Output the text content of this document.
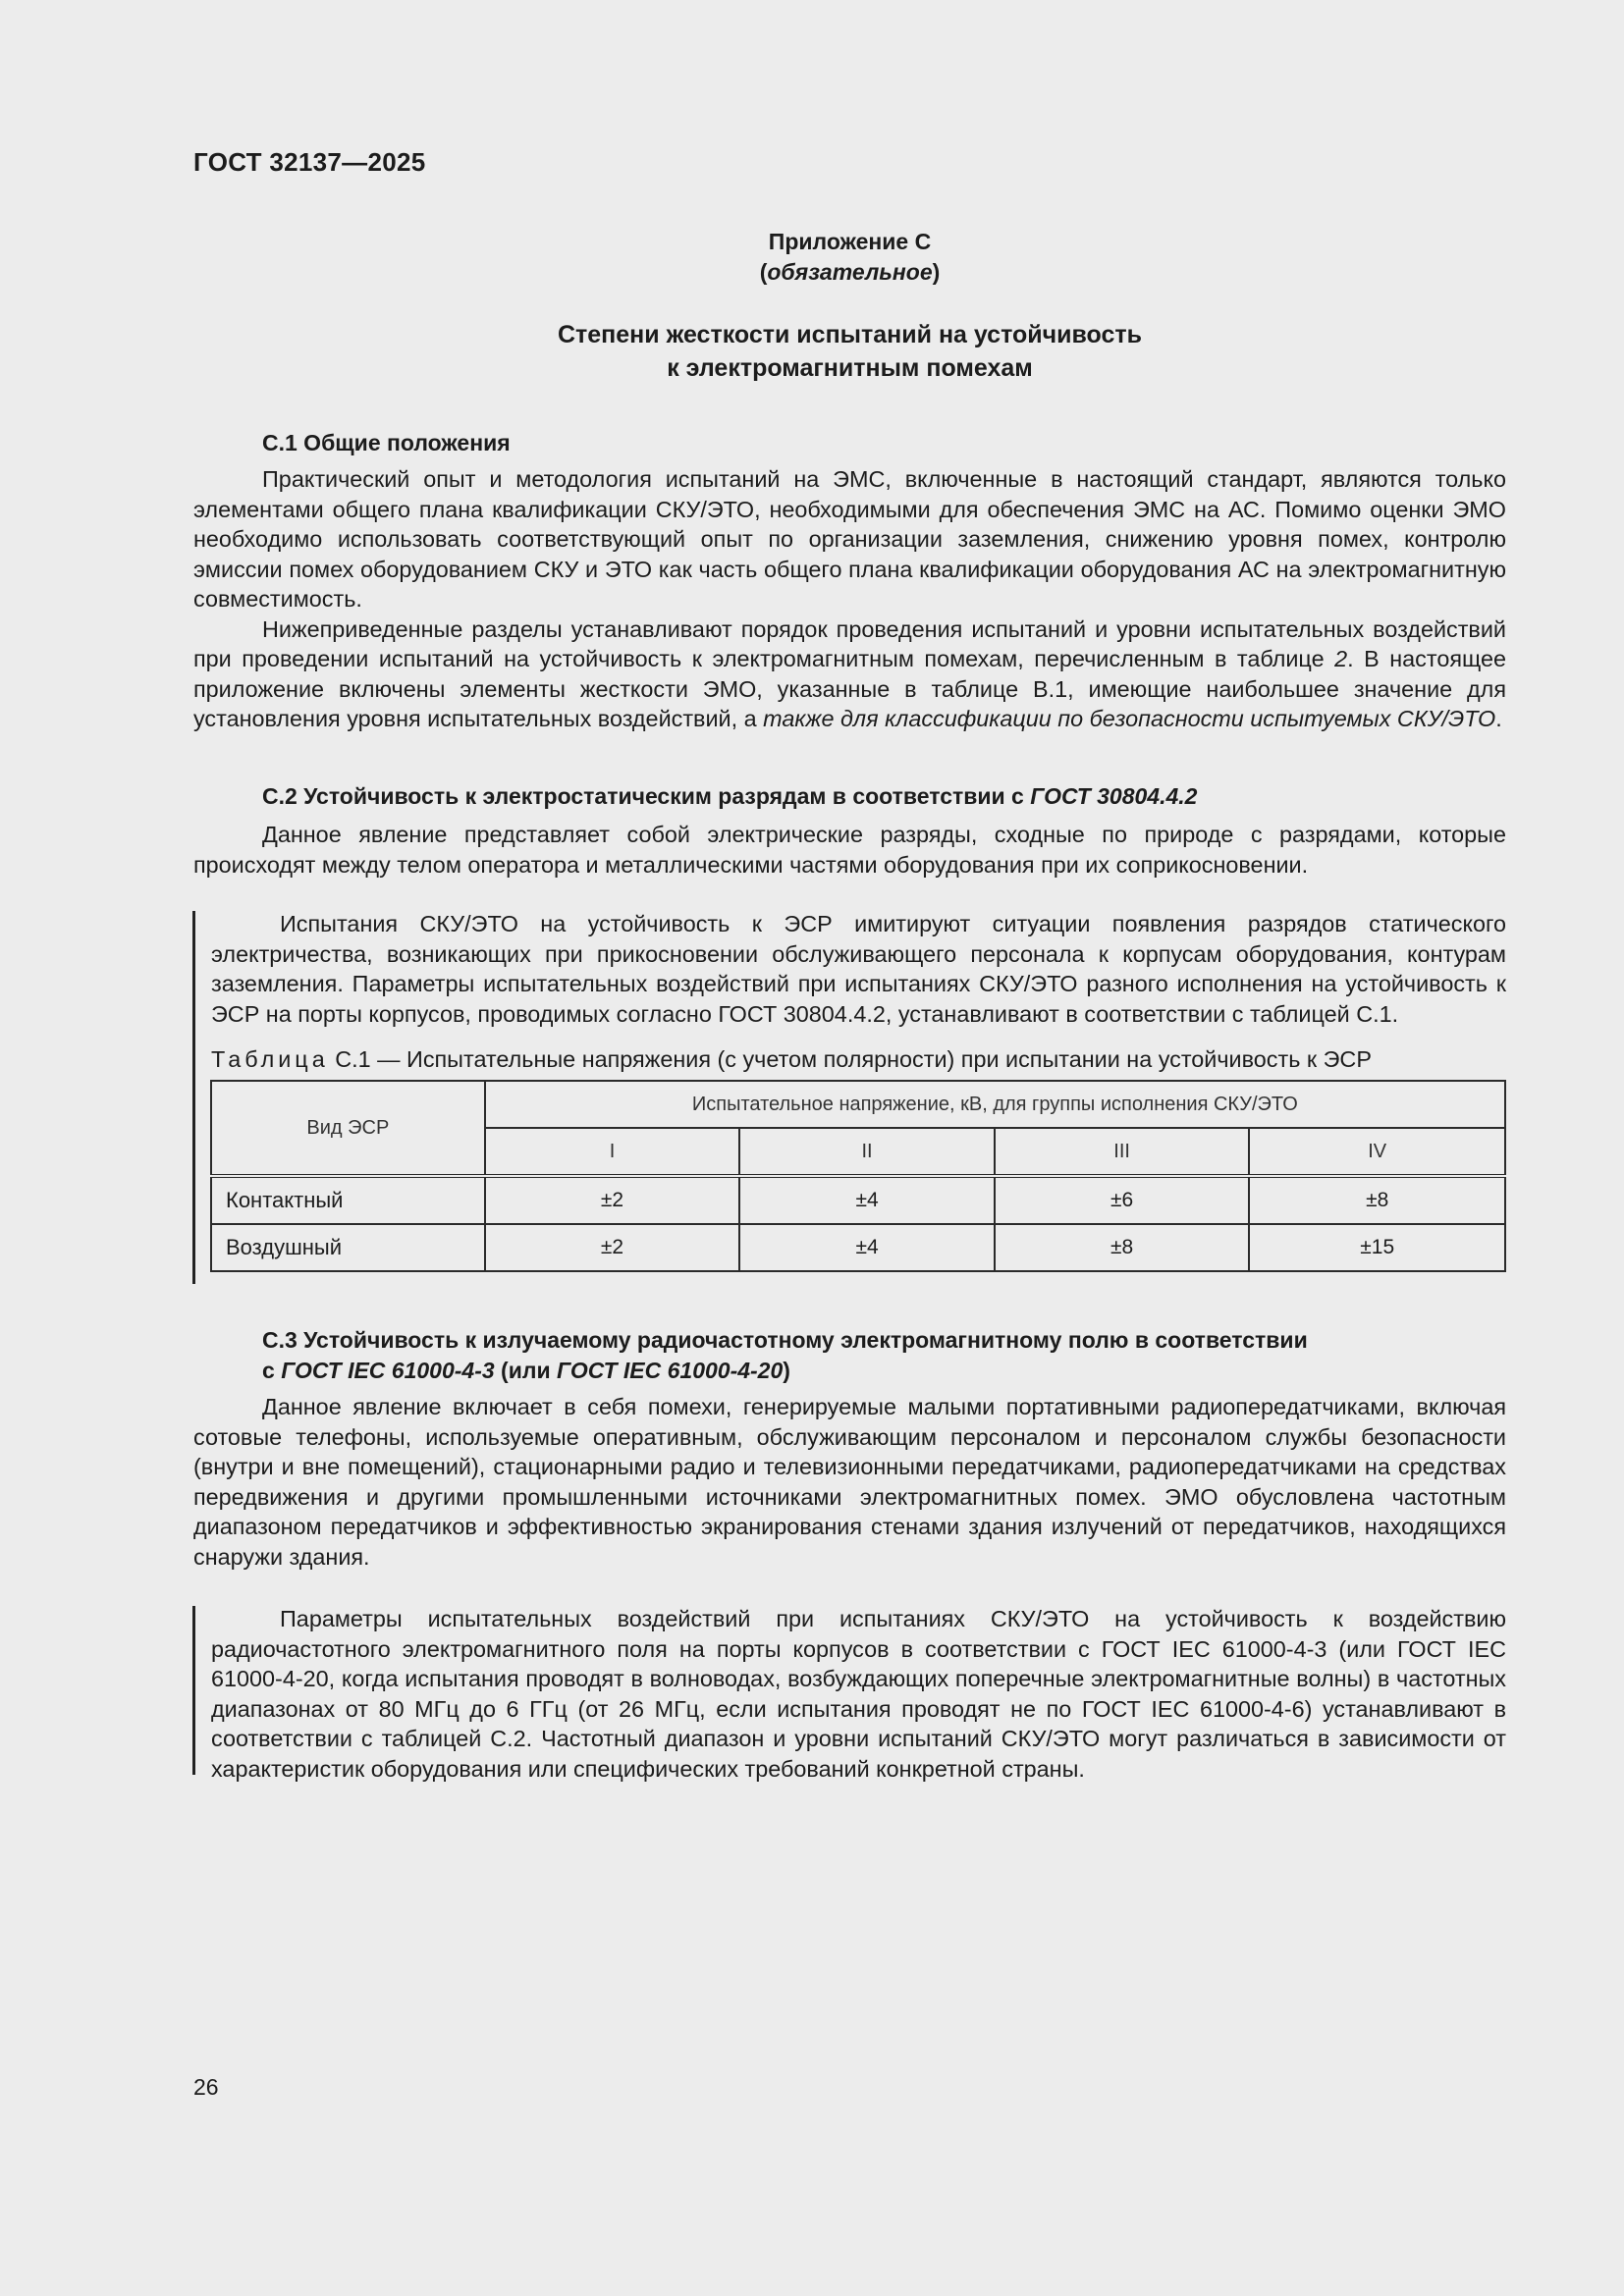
ГОСТ 32137—2025
Приложение С
(обязательное)
Степени жесткости испытаний на устойчивость
к электромагнитным помехам
С.1 Общие положения

Практический опыт и методология испытаний на ЭМС, включенные в настоящий стандарт, являются только элементами общего плана квалификации СКУ/ЭТО, необходимыми для обеспечения ЭМС на АС. Помимо оценки ЭМО необходимо использовать соответствующий опыт по организации заземления, снижению уровня помех, контролю эмиссии помех оборудованием СКУ и ЭТО как часть общего плана квалификации оборудования АС на электромагнитную совместимость.

Нижеприведенные разделы устанавливают порядок проведения испытаний и уровни испытательных воздействий при проведении испытаний на устойчивость к электромагнитным помехам, перечисленным в таблице 2. В настоящее приложение включены элементы жесткости ЭМО, указанные в таблице В.1, имеющие наибольшее значение для установления уровня испытательных воздействий, а также для классификации по безопасности испытуемых СКУ/ЭТО.

С.2 Устойчивость к электростатическим разрядам в соответствии с ГОСТ 30804.4.2

Данное явление представляет собой электрические разряды, сходные по природе с разрядами, которые происходят между телом оператора и металлическими частями оборудования при их соприкосновении.

Испытания СКУ/ЭТО на устойчивость к ЭСР имитируют ситуации появления разрядов статического электричества, возникающих при прикосновении обслуживающего персонала к корпусам оборудования, контурам заземления. Параметры испытательных воздействий при испытаниях СКУ/ЭТО разного исполнения на устойчивость к ЭСР на порты корпусов, проводимых согласно ГОСТ 30804.4.2, устанавливают в соответствии с таблицей С.1.

Таблица С.1 — Испытательные напряжения (с учетом полярности) при испытании на устойчивость к ЭСР
Вид ЭСР	Испытательное напряжение, кВ, для группы исполнения СКУ/ЭТО			
	I	II	III	IV
Контактный	±2	±4	±6	±8
Воздушный	±2	±4	±8	±15
С.3 Устойчивость к излучаемому радиочастотному электромагнитному полю в соответствии
с ГОСТ IEC 61000-4-3 (или ГОСТ IEC 61000-4-20)

Данное явление включает в себя помехи, генерируемые малыми портативными радиопередатчиками, включая сотовые телефоны, используемые оперативным, обслуживающим персоналом и персоналом службы безопасности (внутри и вне помещений), стационарными радио и телевизионными передатчиками, радиопередатчиками на средствах передвижения и другими промышленными источниками электромагнитных помех. ЭМО обусловлена частотным диапазоном передатчиков и эффективностью экранирования стенами здания излучений от передатчиков, находящихся снаружи здания.

Параметры испытательных воздействий при испытаниях СКУ/ЭТО на устойчивость к воздействию радиочастотного электромагнитного поля на порты корпусов в соответствии с ГОСТ IEC 61000-4-3 (или ГОСТ IEC 61000-4-20, когда испытания проводят в волноводах, возбуждающих поперечные электромагнитные волны) в частотных диапазонах от 80 МГц до 6 ГГц (от 26 МГц, если испытания проводят не по ГОСТ IEC 61000-4-6) устанавливают в соответствии с таблицей С.2. Частотный диапазон и уровни испытаний СКУ/ЭТО могут различаться в зависимости от характеристик оборудования или специфических требований конкретной страны.

26
